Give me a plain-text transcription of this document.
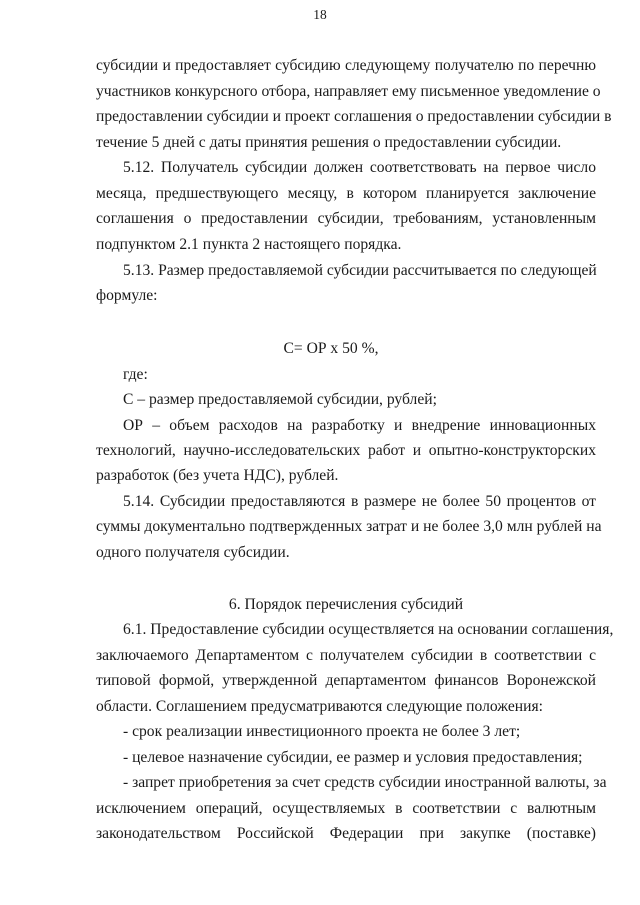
18
субсидии и предоставляет субсидию следующему получателю по перечню
участников конкурсного отбора, направляет ему письменное уведомление о
предоставлении субсидии и проект соглашения о предоставлении субсидии в
течение 5 дней с даты принятия решения о предоставлении субсидии.
5.12. Получатель субсидии должен соответствовать на первое число
месяца, предшествующего месяцу, в котором планируется заключение
соглашения о предоставлении субсидии, требованиям, установленным
подпунктом 2.1 пункта 2 настоящего порядка.
5.13. Размер предоставляемой субсидии рассчитывается по следующей
формуле:
С= ОР х 50 %,
где:
С – размер предоставляемой субсидии, рублей;
ОР – объем расходов на разработку и внедрение инновационных
технологий, научно-исследовательских работ и опытно-конструкторских
разработок (без учета НДС), рублей.
5.14. Субсидии предоставляются в размере не более 50 процентов от
суммы документально подтвержденных затрат и не более 3,0 млн рублей на
одного получателя субсидии.
6. Порядок перечисления субсидий
6.1. Предоставление субсидии осуществляется на основании соглашения,
заключаемого Департаментом с получателем субсидии в соответствии с
типовой формой, утвержденной департаментом финансов Воронежской
области. Соглашением предусматриваются следующие положения:
- срок реализации инвестиционного проекта не более 3 лет;
- целевое назначение субсидии, ее размер и условия предоставления;
- запрет приобретения за счет средств субсидии иностранной валюты, за
исключением операций, осуществляемых в соответствии с валютным
законодательством Российской Федерации при закупке (поставке)
